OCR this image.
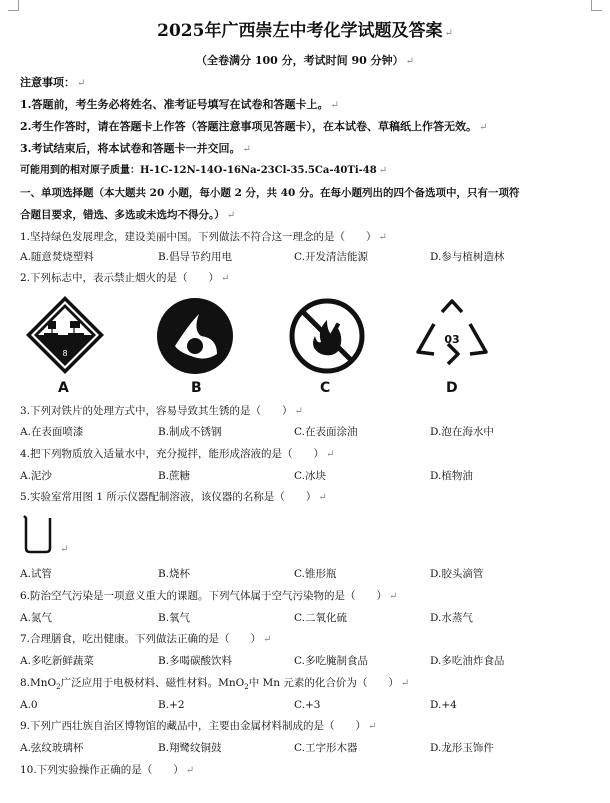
2025年广西崇左中考化学试题及答案 ↵
（全卷满分 100 分，考试时间 90 分钟） ↵
注意事项： ↵
1.答题前，考生务必将姓名、准考证号填写在试卷和答题卡上。 ↵
2.考生作答时，请在答题卡上作答（答题注意事项见答题卡），在本试卷、草稿纸上作答无效。 ↵
3.考试结束后，将本试卷和答题卡一并交回。 ↵
可能用到的相对原子质量：H-1C-12N-14O-16Na-23Cl-35.5Ca-40Ti-48 ↵
一、单项选择题（本大题共 20 小题，每小题 2 分，共 40 分。在每小题列出的四个备选项中，只有一项符
合题目要求，错选、多选或未选均不得分。） ↵
1.坚持绿色发展理念，建设美丽中国。下列做法不符合这一理念的是（　　） ↵
A.随意焚烧塑料	B.倡导节约用电	C.开发清洁能源	D.参与植树造林
2.下列标志中，表示禁止烟火的是（　　） ↵
8
03
A	B	C	D
3.下列对铁片的处理方式中，容易导致其生锈的是（　　） ↵
A.在表面喷漆	B.制成不锈钢	C.在表面涂油	D.泡在海水中
4.把下列物质放入适量水中，充分搅拌，能形成溶液的是（　　） ↵
A.泥沙	B.蔗糖	C.冰块	D.植物油
5.实验室常用图 1 所示仪器配制溶液，该仪器的名称是（　　） ↵
↵
A.试管	B.烧杯	C.锥形瓶	D.胶头滴管
6.防治空气污染是一项意义重大的课题。下列气体属于空气污染物的是（　　） ↵
A.氮气	B.氧气	C.二氧化硫	D.水蒸气
7.合理膳食，吃出健康。下列做法正确的是（　　） ↵
A.多吃新鲜蔬菜	B.多喝碳酸饮料	C.多吃腌制食品	D.多吃油炸食品
8.MnO$_2$广泛应用于电极材料、磁性材料。MnO$_2$中 Mn 元素的化合价为（　　） ↵
A.0	B.+2	C.+3	D.+4
9.下列广西壮族自治区博物馆的藏品中，主要由金属材料制成的是（　　） ↵
A.弦纹玻璃杯	B.翔鹭纹铜鼓	C.工字形木器	D.龙形玉饰件
10.下列实验操作正确的是（　　） ↵
